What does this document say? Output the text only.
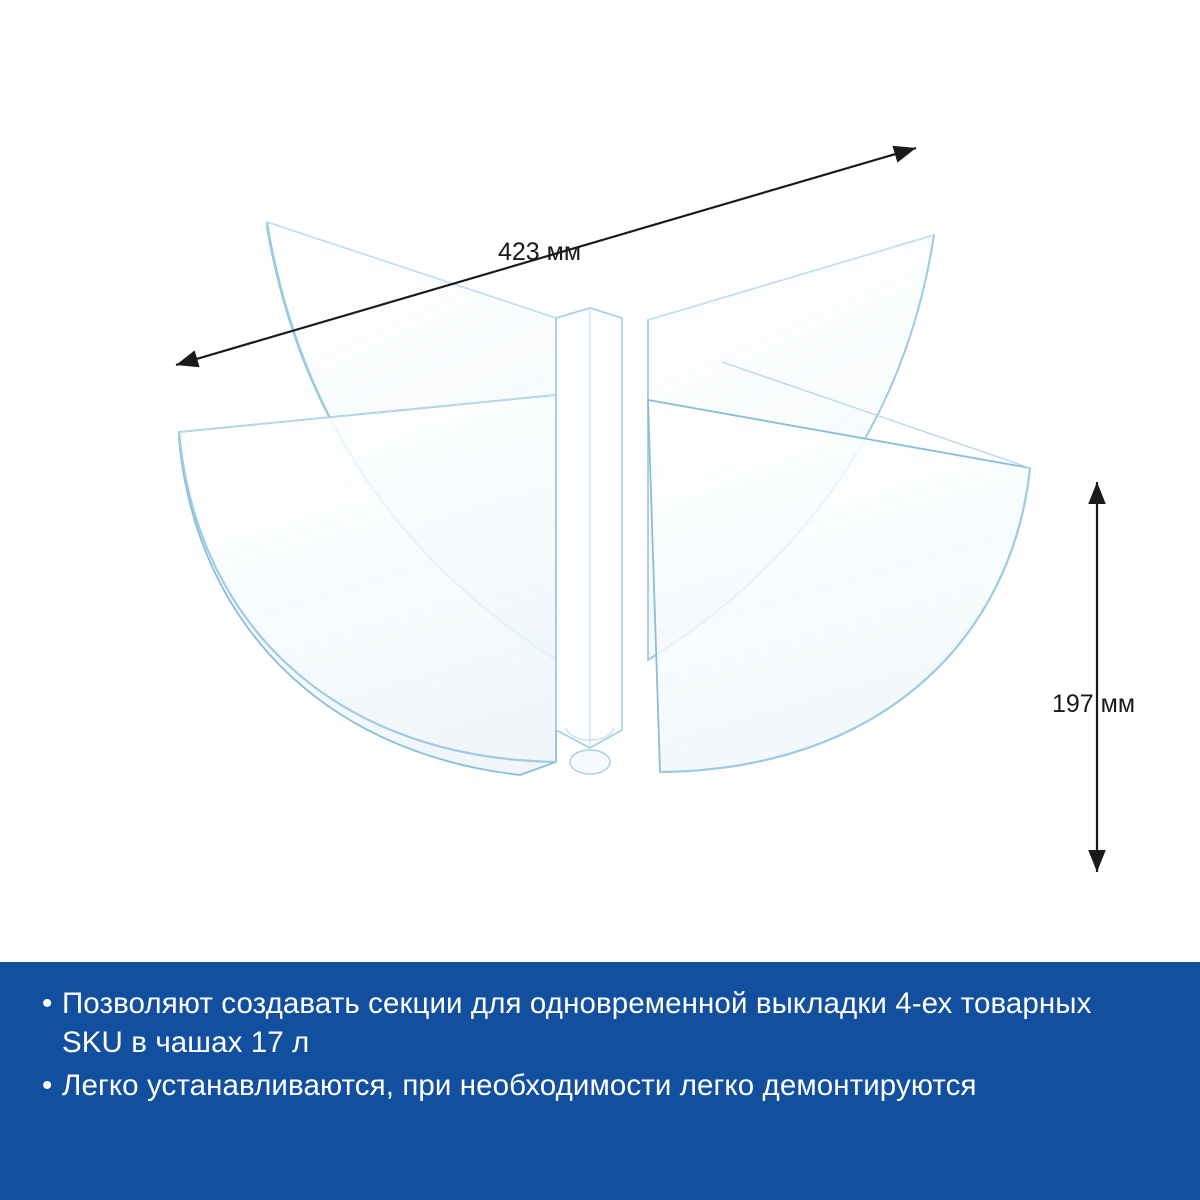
423 мм
197 мм
• Позволяют создавать секции для одновременной выкладки 4-ех товарных SKU в чашах 17 л
• Легко устанавливаются, при необходимости легко демонтируются
